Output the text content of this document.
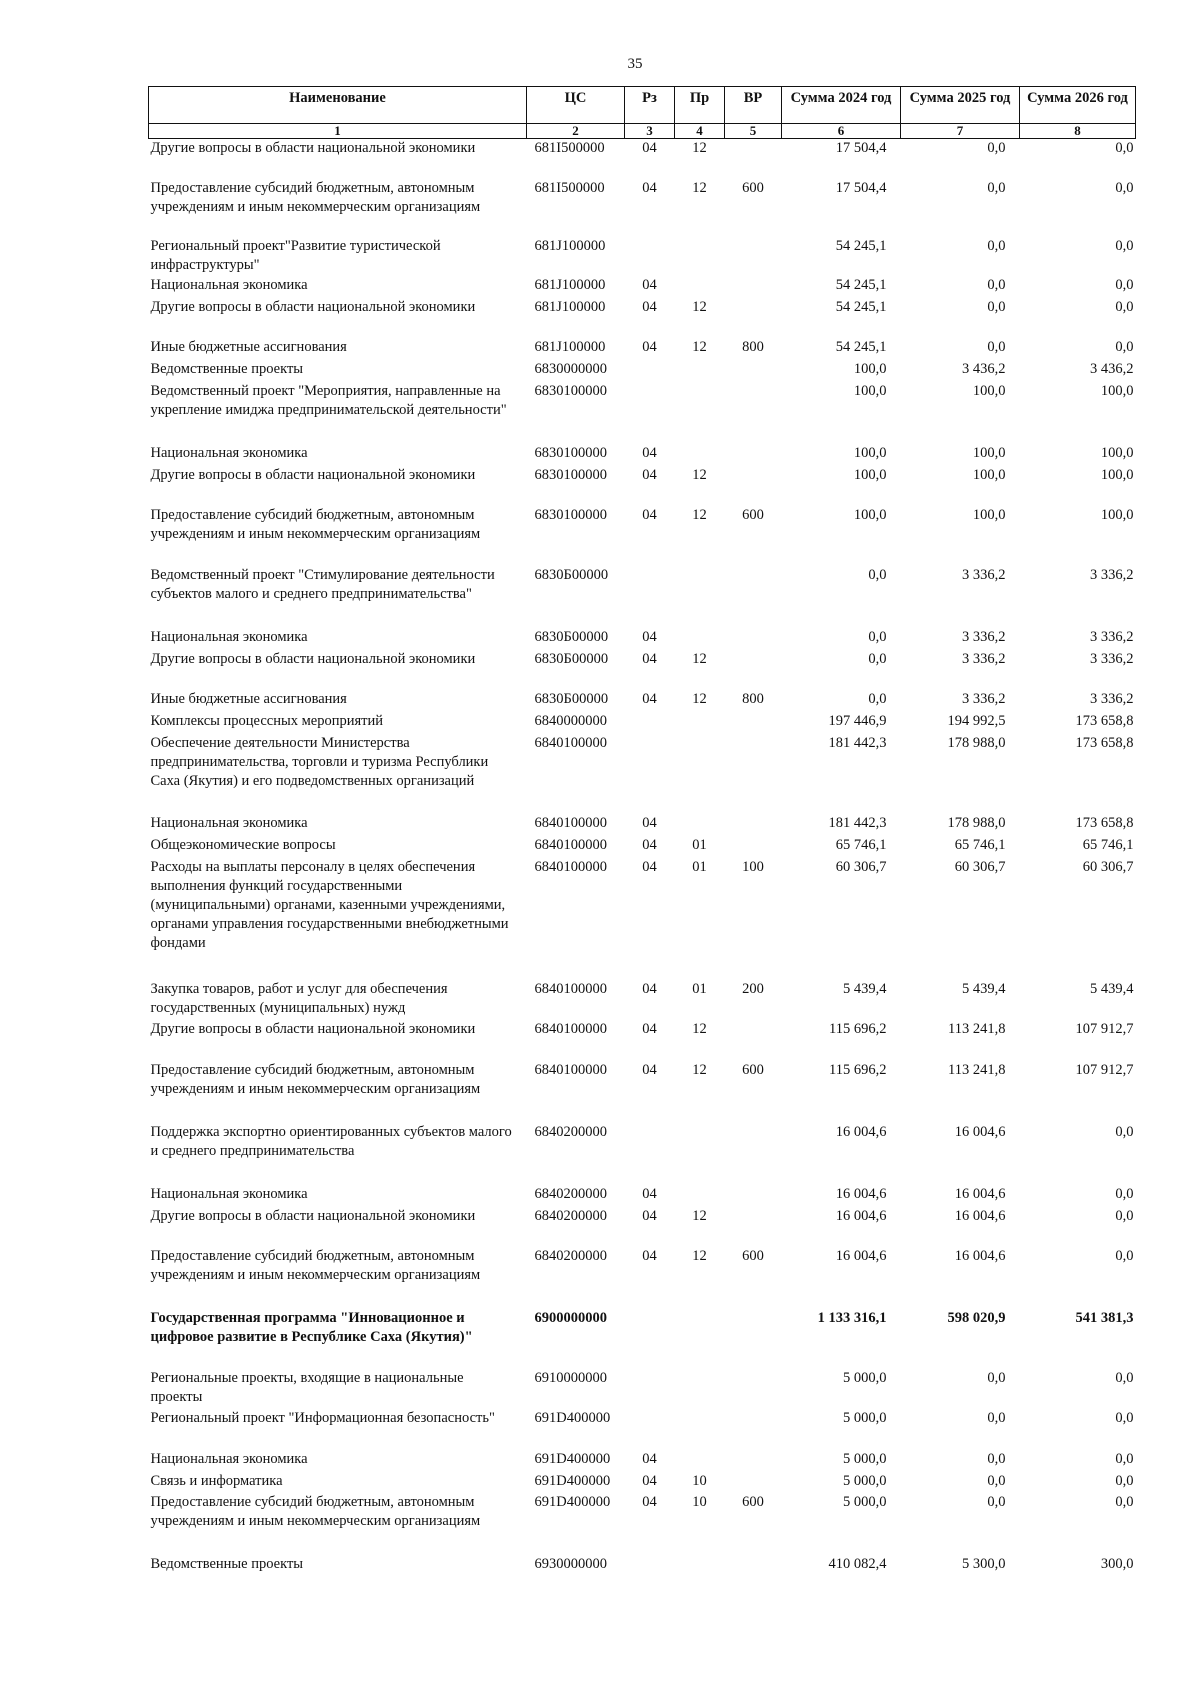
35
Наименование	ЦС	Рз	Пр	ВР	Сумма 2024 год	Сумма 2025 год	Сумма 2026 год
1	2	3	4	5	6	7	8
Другие вопросы в области национальной экономики	681I500000	04	12		17 504,4	0,0	0,0
Предоставление субсидий бюджетным, автономным учреждениям и иным некоммерческим организациям	681I500000	04	12	600	17 504,4	0,0	0,0
Региональный проект"Развитие туристической инфраструктуры"	681J100000				54 245,1	0,0	0,0
Национальная экономика	681J100000	04			54 245,1	0,0	0,0
Другие вопросы в области национальной экономики	681J100000	04	12		54 245,1	0,0	0,0
Иные бюджетные ассигнования	681J100000	04	12	800	54 245,1	0,0	0,0
Ведомственные проекты	6830000000				100,0	3 436,2	3 436,2
Ведомственный проект "Мероприятия, направленные на укрепление имиджа предпринимательской деятельности"	6830100000				100,0	100,0	100,0
Национальная экономика	6830100000	04			100,0	100,0	100,0
Другие вопросы в области национальной экономики	6830100000	04	12		100,0	100,0	100,0
Предоставление субсидий бюджетным, автономным учреждениям и иным некоммерческим организациям	6830100000	04	12	600	100,0	100,0	100,0
Ведомственный проект "Стимулирование деятельности субъектов малого и среднего предпринимательства"	6830Б00000				0,0	3 336,2	3 336,2
Национальная экономика	6830Б00000	04			0,0	3 336,2	3 336,2
Другие вопросы в области национальной экономики	6830Б00000	04	12		0,0	3 336,2	3 336,2
Иные бюджетные ассигнования	6830Б00000	04	12	800	0,0	3 336,2	3 336,2
Комплексы процессных мероприятий	6840000000				197 446,9	194 992,5	173 658,8
Обеспечение деятельности Министерства предпринимательства, торговли и туризма Республики Саха (Якутия) и его подведомственных организаций	6840100000				181 442,3	178 988,0	173 658,8
Национальная экономика	6840100000	04			181 442,3	178 988,0	173 658,8
Общеэкономические вопросы	6840100000	04	01		65 746,1	65 746,1	65 746,1
Расходы на выплаты персоналу в целях обеспечения выполнения функций государственными (муниципальными) органами, казенными учреждениями, органами управления государственными внебюджетными фондами	6840100000	04	01	100	60 306,7	60 306,7	60 306,7
Закупка товаров, работ и услуг для обеспечения государственных (муниципальных) нужд	6840100000	04	01	200	5 439,4	5 439,4	5 439,4
Другие вопросы в области национальной экономики	6840100000	04	12		115 696,2	113 241,8	107 912,7
Предоставление субсидий бюджетным, автономным учреждениям и иным некоммерческим организациям	6840100000	04	12	600	115 696,2	113 241,8	107 912,7
Поддержка экспортно ориентированных субъектов малого и среднего предпринимательства	6840200000				16 004,6	16 004,6	0,0
Национальная экономика	6840200000	04			16 004,6	16 004,6	0,0
Другие вопросы в области национальной экономики	6840200000	04	12		16 004,6	16 004,6	0,0
Предоставление субсидий бюджетным, автономным учреждениям и иным некоммерческим организациям	6840200000	04	12	600	16 004,6	16 004,6	0,0
Государственная программа "Инновационное и цифровое развитие в Республике Саха (Якутия)"	6900000000				1 133 316,1	598 020,9	541 381,3
Региональные проекты, входящие в национальные проекты	6910000000				5 000,0	0,0	0,0
Региональный проект "Информационная безопасность"	691D400000				5 000,0	0,0	0,0
Национальная экономика	691D400000	04			5 000,0	0,0	0,0
Связь и информатика	691D400000	04	10		5 000,0	0,0	0,0
Предоставление субсидий бюджетным, автономным учреждениям и иным некоммерческим организациям	691D400000	04	10	600	5 000,0	0,0	0,0
Ведомственные проекты	6930000000				410 082,4	5 300,0	300,0
